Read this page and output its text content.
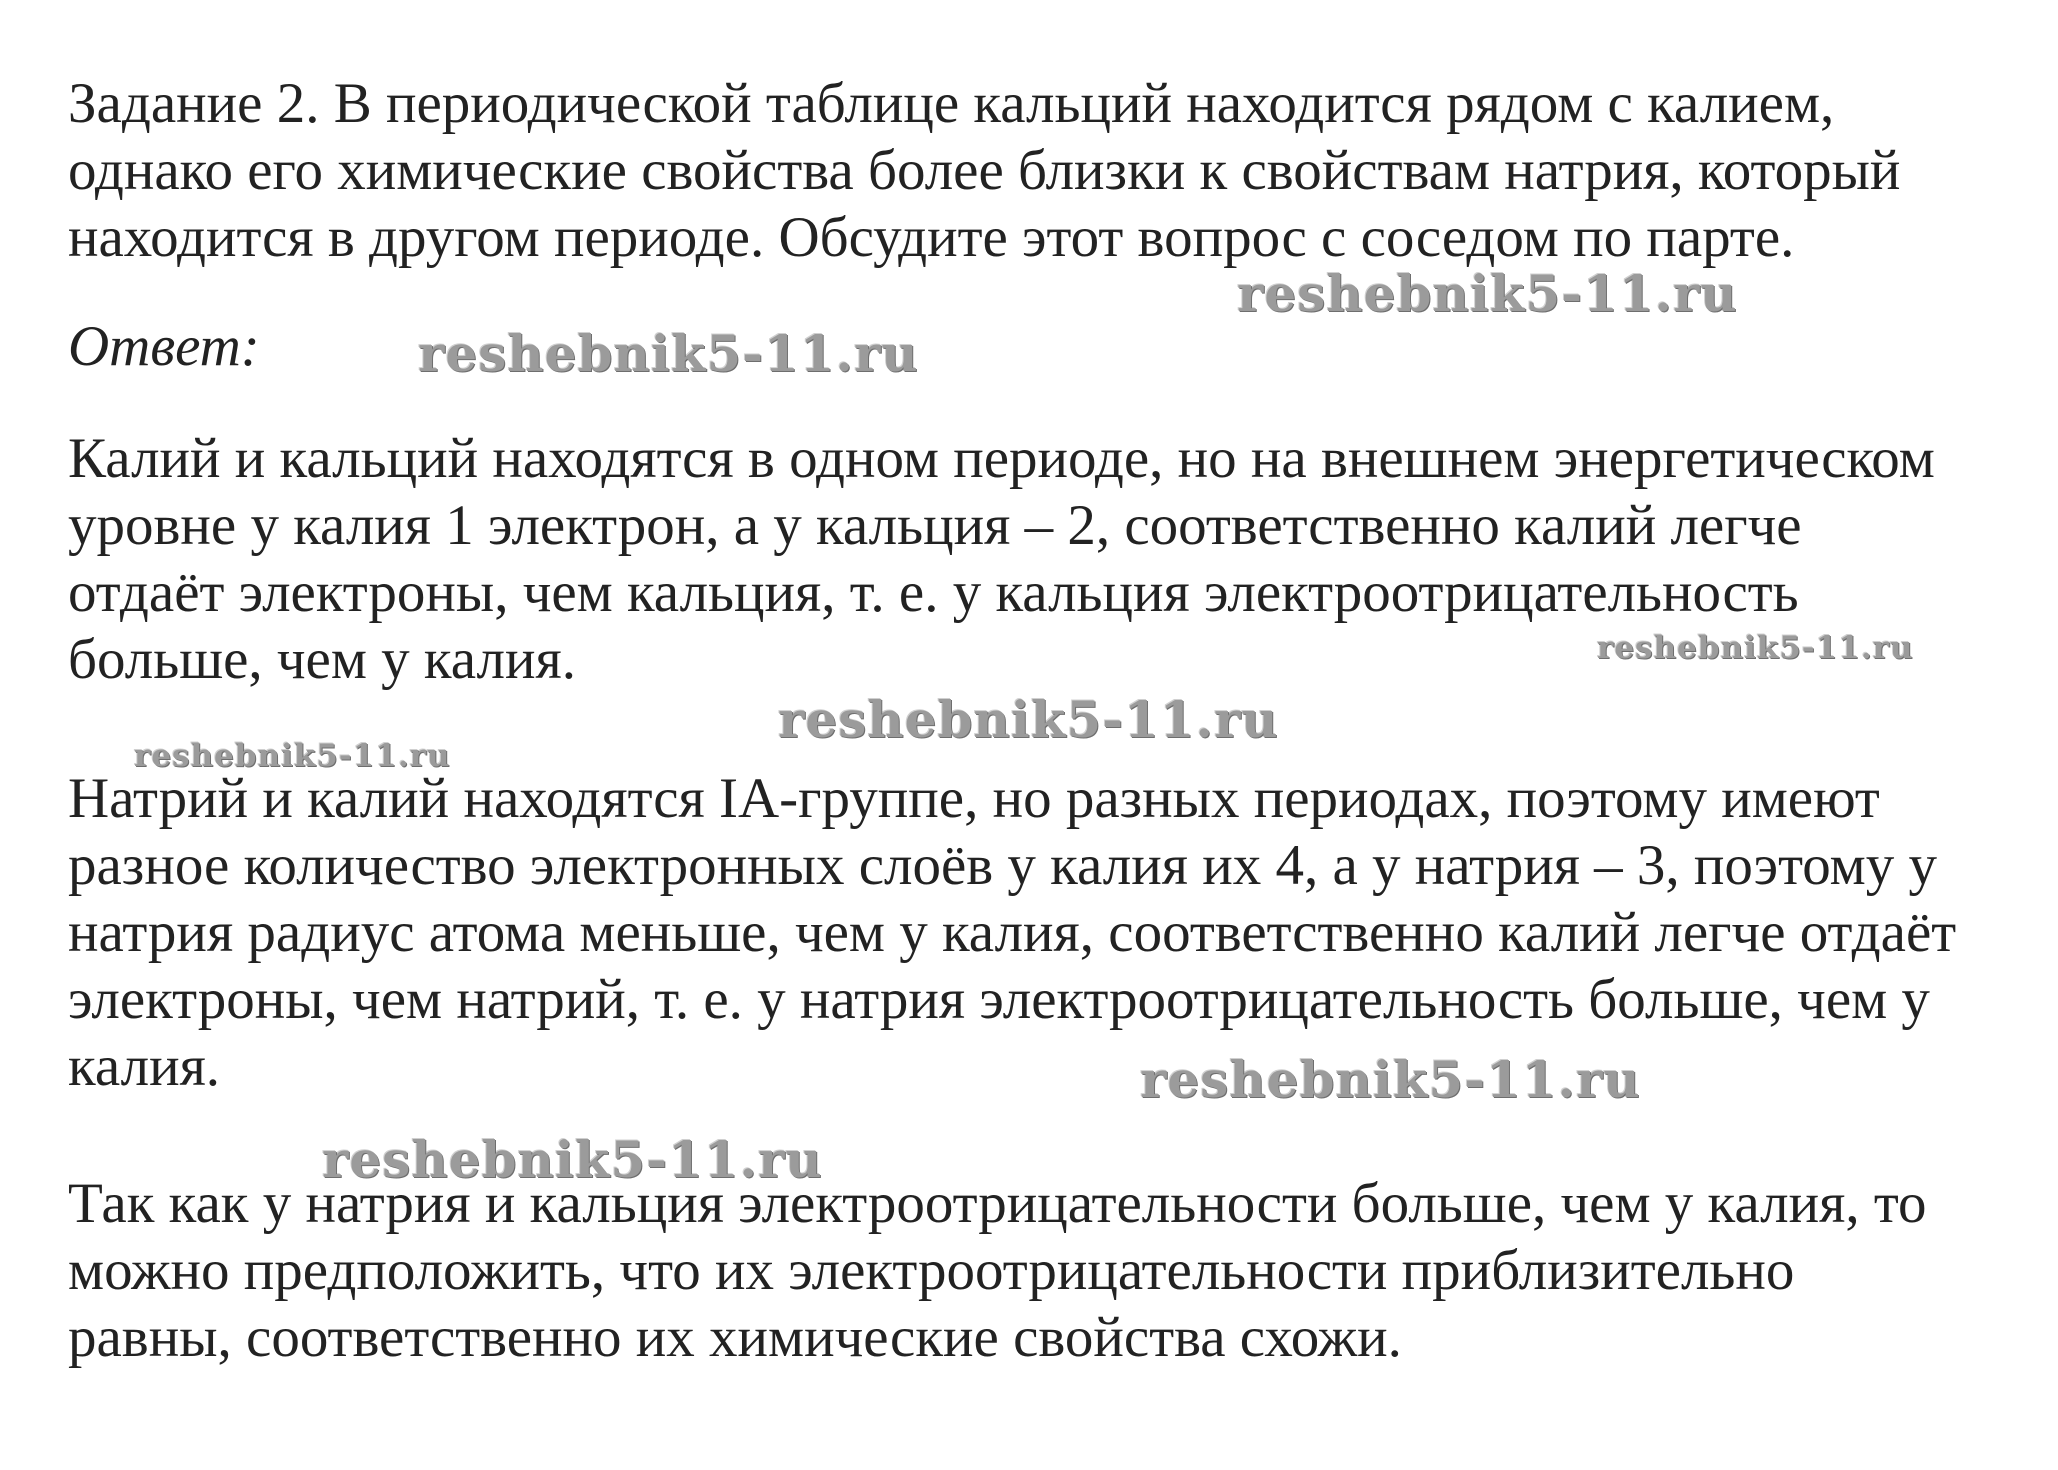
Задание 2. В периодической таблице кальций находится рядом с калием,
однако его химические свойства более близки к свойствам натрия, который
находится в другом периоде. Обсудите этот вопрос с соседом по парте.
Ответ:
Калий и кальций находятся в одном периоде, но на внешнем энергетическом
уровне у калия 1 электрон, а у кальция – 2, соответственно калий легче
отдаёт электроны, чем кальция, т. е. у кальция электроотрицательность
больше, чем у калия.
Натрий и калий находятся IA-группе, но разных периодах, поэтому имеют
разное количество электронных слоёв у калия их 4, а у натрия – 3, поэтому у
натрия радиус атома меньше, чем у калия, соответственно калий легче отдаёт
электроны, чем натрий, т. е. у натрия электроотрицательность больше, чем у
калия.
Так как у натрия и кальция электроотрицательности больше, чем у калия, то
можно предположить, что их электроотрицательности приблизительно
равны, соответственно их химические свойства схожи.
reshebnik5-11.ru
reshebnik5-11.ru
reshebnik5-11.ru
reshebnik5-11.ru
reshebnik5-11.ru
reshebnik5-11.ru
reshebnik5-11.ru
